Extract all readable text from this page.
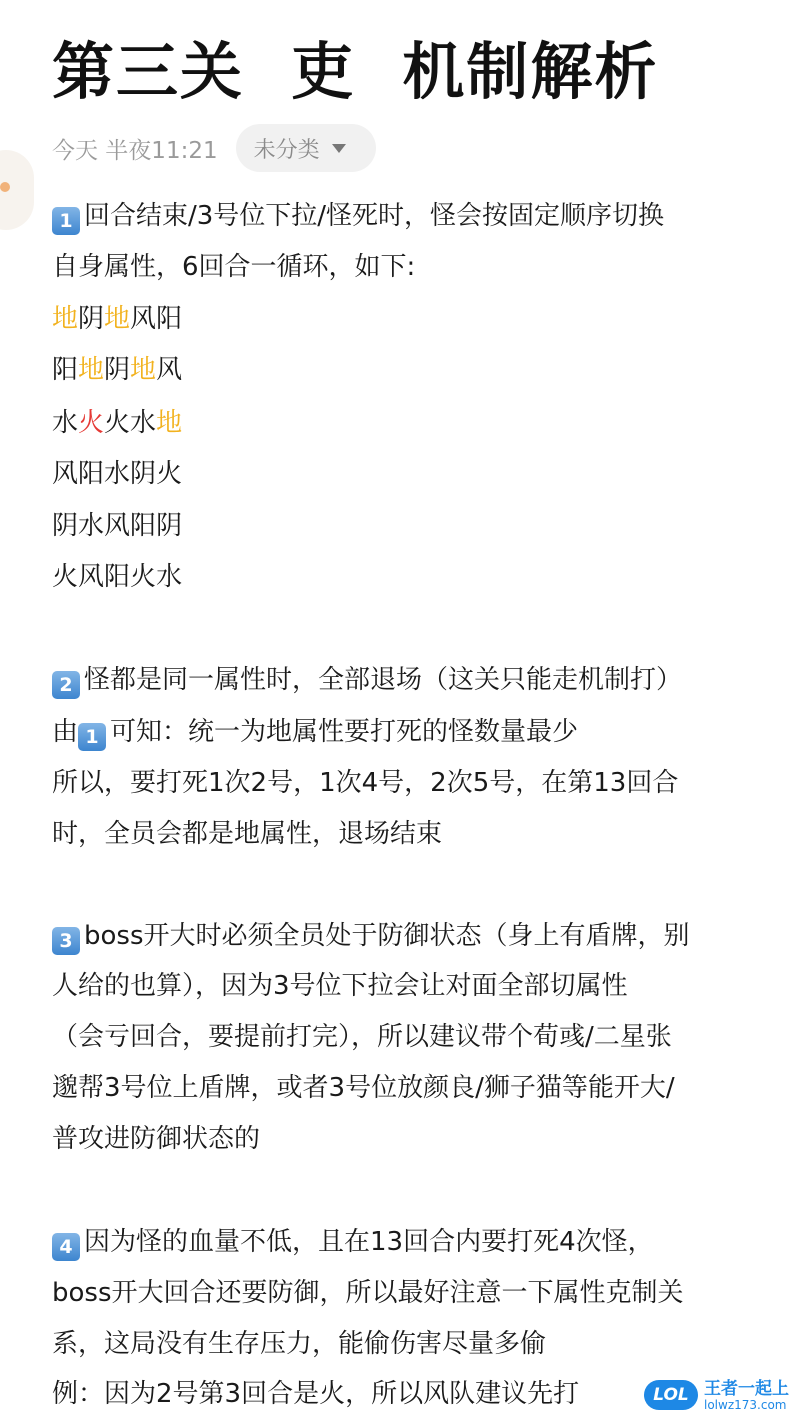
第三关  吏  机制解析
今天 半夜11:21 未分类
1 回合结束/3号位下拉/怪死时，怪会按固定顺序切换
自身属性，6回合一循环，如下:
地阴地风阳
阳地阴地风
水火火水地
风阳水阴火
阴水风阳阴
火风阳火水
2 怪都是同一属性时，全部退场（这关只能走机制打）
由 1 可知：统一为地属性要打死的怪数量最少
所以，要打死1次2号，1次4号，2次5号，在第13回合
时，全员会都是地属性，退场结束
3 boss开大时必须全员处于防御状态（身上有盾牌，别
人给的也算），因为3号位下拉会让对面全部切属性
（会亏回合，要提前打完），所以建议带个荀彧/二星张
邈帮3号位上盾牌，或者3号位放颜良/狮子猫等能开大/
普攻进防御状态的
4 因为怪的血量不低，且在13回合内要打死4次怪，
boss开大回合还要防御，所以最好注意一下属性克制关
系，这局没有生存压力，能偷伤害尽量多偷
例：因为2号第3回合是火，所以风队建议先打	LOL 王者一起上
lolwz173.com
